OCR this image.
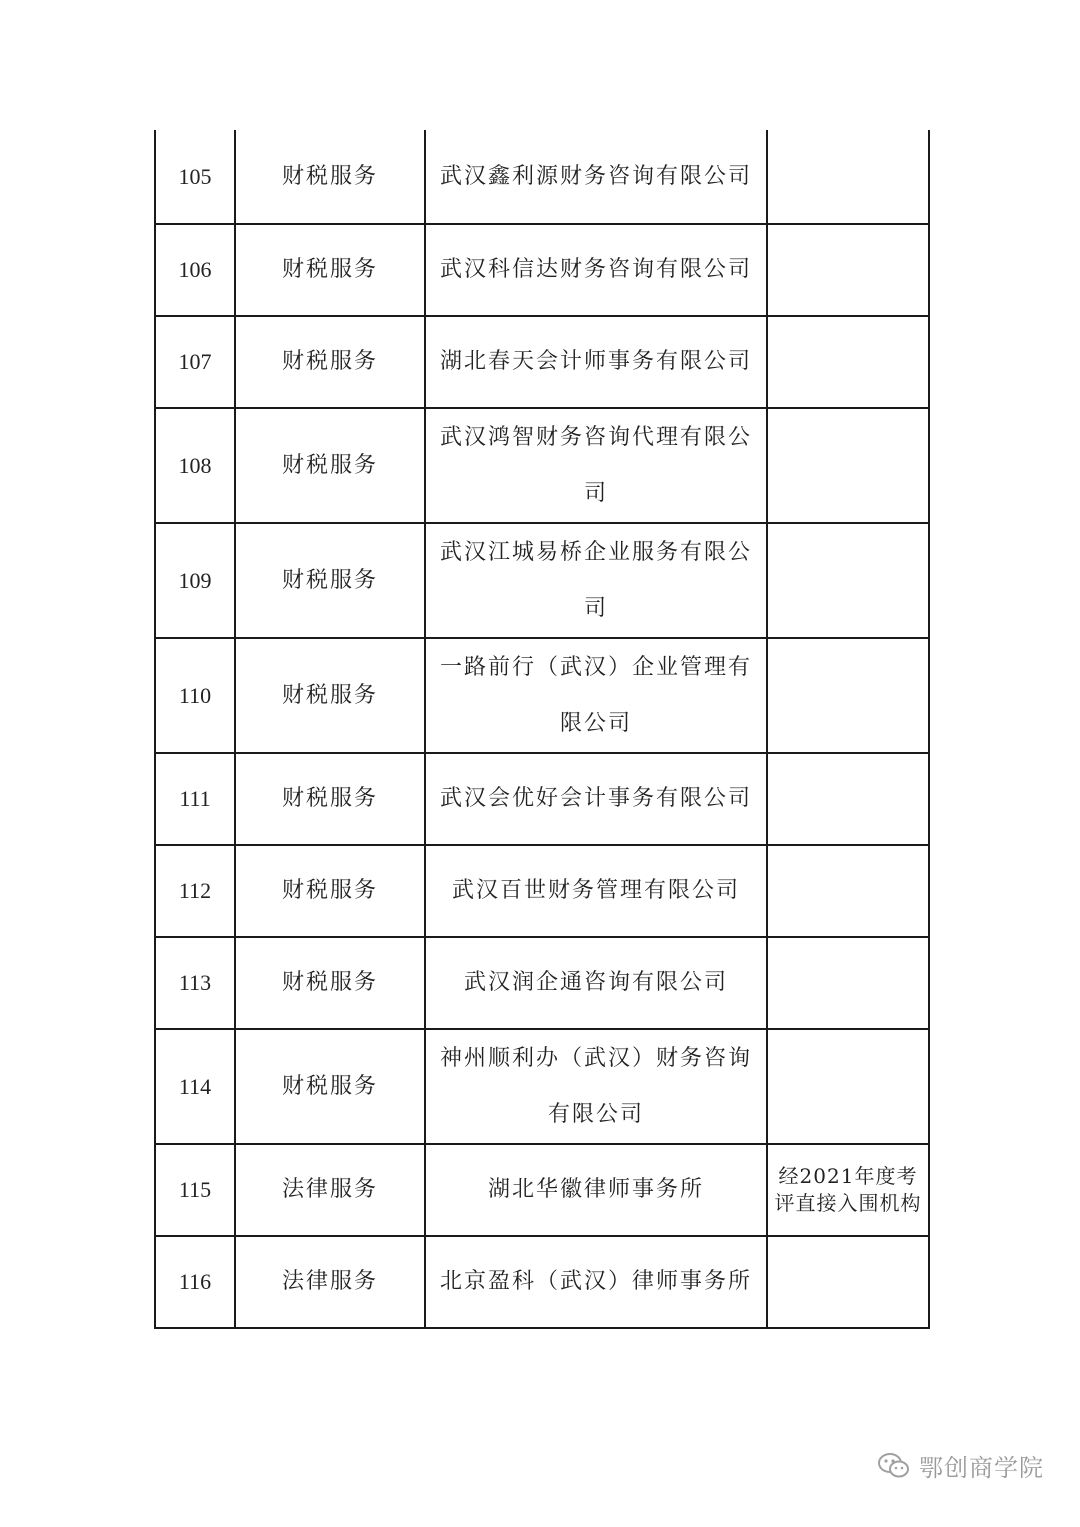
105	财税服务	武汉鑫利源财务咨询有限公司	
106	财税服务	武汉科信达财务咨询有限公司	
107	财税服务	湖北春天会计师事务有限公司	
108	财税服务	武汉鸿智财务咨询代理有限公司	
109	财税服务	武汉江城易桥企业服务有限公司	
110	财税服务	一路前行（武汉）企业管理有限公司	
111	财税服务	武汉会优好会计事务有限公司	
112	财税服务	武汉百世财务管理有限公司	
113	财税服务	武汉润企通咨询有限公司	
114	财税服务	神州顺利办（武汉）财务咨询有限公司	
115	法律服务	湖北华徽律师事务所	经2021年度考评直接入围机构
116	法律服务	北京盈科（武汉）律师事务所	
鄂创商学院
